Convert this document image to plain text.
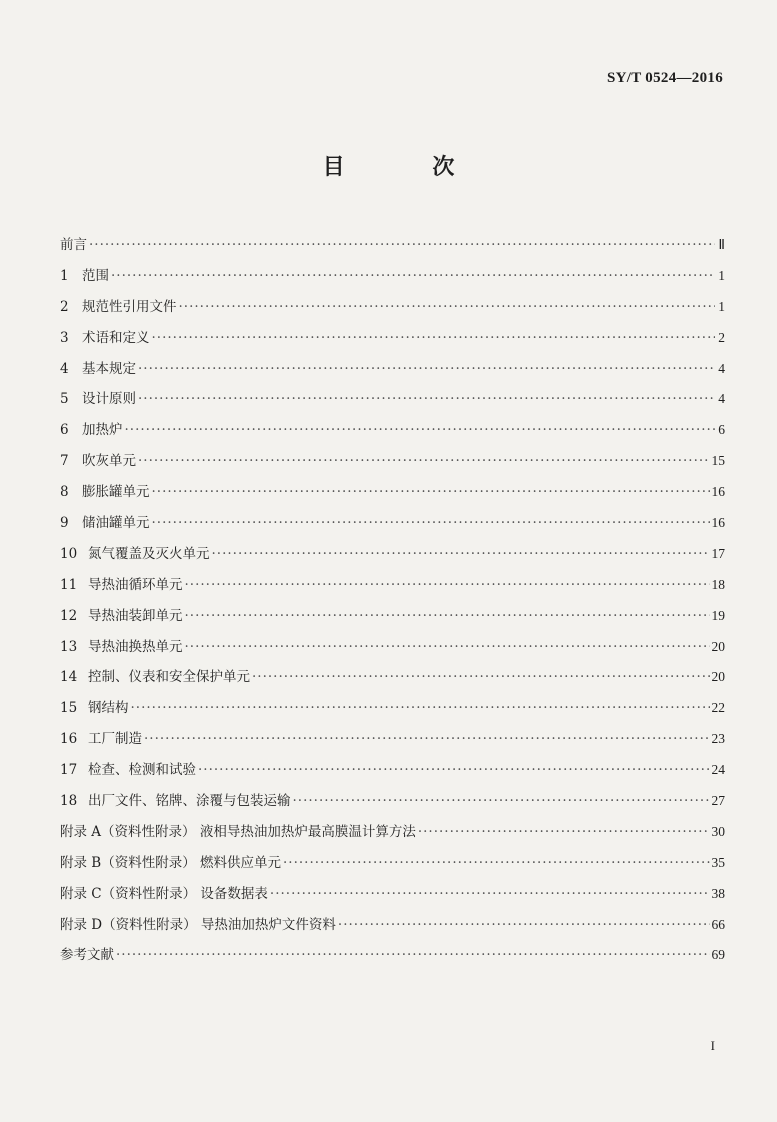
SY/T 0524—2016
目 次
前言 ·····	Ⅱ
1 范围 ·····	1
2 规范性引用文件 ·····	1
3 术语和定义 ·····	2
4 基本规定 ·····	4
5 设计原则 ·····	4
6 加热炉 ·····	6
7 吹灰单元 ·····	15
8 膨胀罐单元 ·····	16
9 储油罐单元 ·····	16
10 氮气覆盖及灭火单元 ·····	17
11 导热油循环单元 ·····	18
12 导热油装卸单元 ·····	19
13 导热油换热单元 ·····	20
14 控制、仪表和安全保护单元 ·····	20
15 钢结构 ·····	22
16 工厂制造 ·····	23
17 检查、检测和试验 ·····	24
18 出厂文件、铭牌、涂覆与包装运输 ·····	27
附录 A（资料性附录） 液相导热油加热炉最高膜温计算方法 ·····	30
附录 B（资料性附录） 燃料供应单元 ·····	35
附录 C（资料性附录） 设备数据表 ·····	38
附录 D（资料性附录） 导热油加热炉文件资料 ·····	66
参考文献 ·····	69
I
